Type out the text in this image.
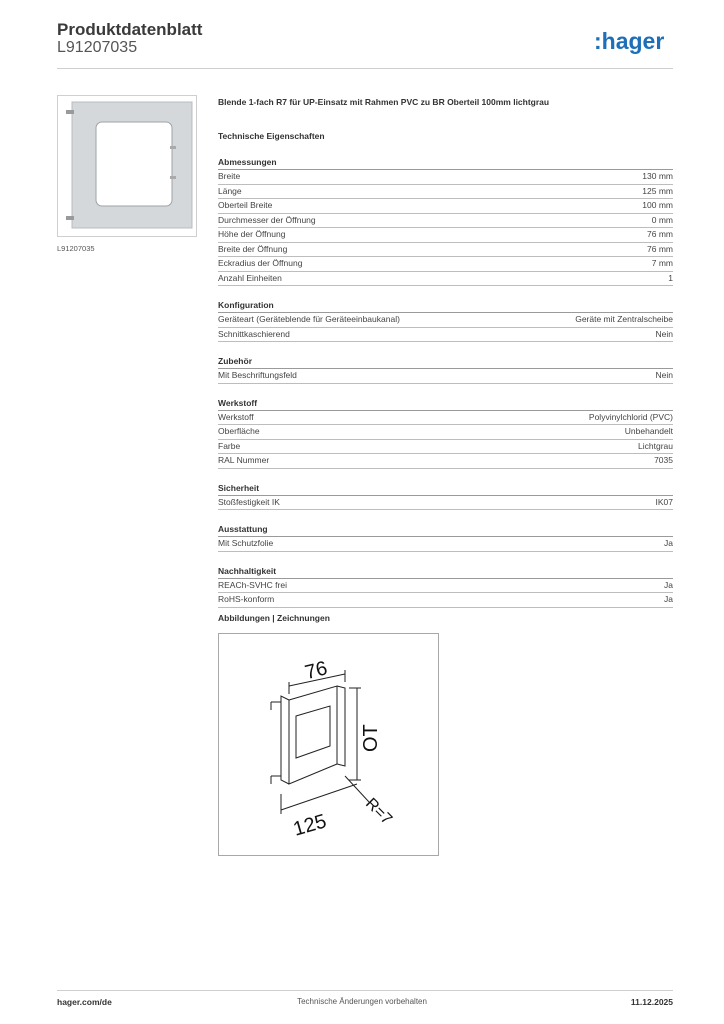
Produktdatenblatt
L91207035	:hager
L91207035
Blende 1-fach R7 für UP-Einsatz mit Rahmen PVC zu BR Oberteil 100mm lichtgrau
Technische Eigenschaften
Abmessungen
Breite	130 mm
Länge	125 mm
Oberteil Breite	100 mm
Durchmesser der Öffnung	0 mm
Höhe der Öffnung	76 mm
Breite der Öffnung	76 mm
Eckradius der Öffnung	7 mm
Anzahl Einheiten	1
Konfiguration
Geräteart (Geräteblende für Geräteeinbaukanal)	Geräte mit Zentralscheibe
Schnittkaschierend	Nein
Zubehör
Mit Beschriftungsfeld	Nein
Werkstoff
Werkstoff	Polyvinylchlorid (PVC)
Oberfläche	Unbehandelt
Farbe	Lichtgrau
RAL Nummer	7035
Sicherheit
Stoßfestigkeit IK	IK07
Ausstattung
Mit Schutzfolie	Ja
Nachhaltigkeit
REACh-SVHC frei	Ja
RoHS-konform	Ja
Abbildungen | Zeichnungen
76
OT
125 R=7
hager.com/de	Technische Änderungen vorbehalten	11.12.2025
